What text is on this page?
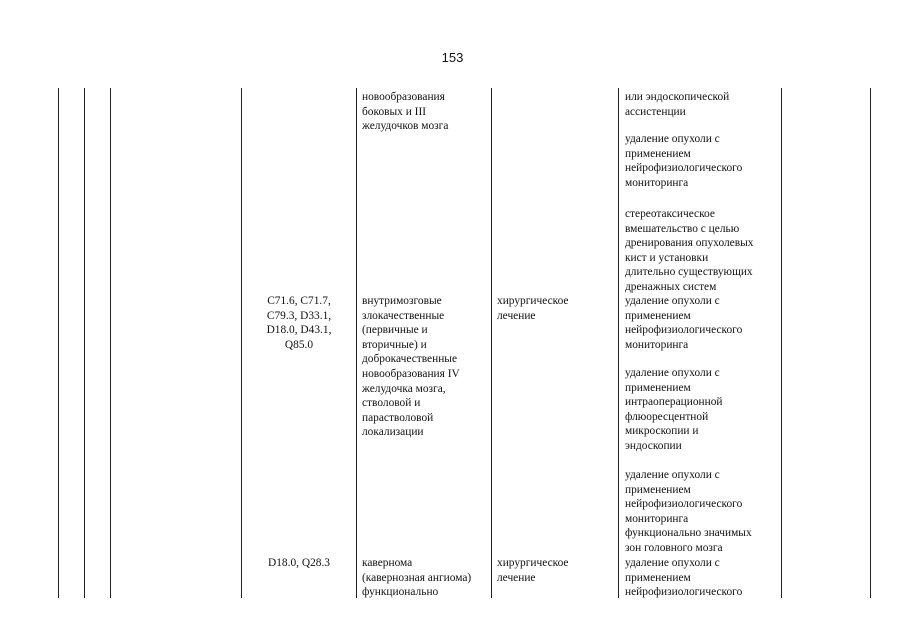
153
новообразования
боковых и III
желудочков мозга
или эндоскопической
ассистенции
удаление опухоли с
применением
нейрофизиологического
мониторинга
стереотаксическое
вмешательство с целью
дренирования опухолевых
кист и установки
длительно существующих
дренажных систем
C71.6, C71.7,
C79.3, D33.1,
D18.0, D43.1,
Q85.0
внутримозговые
злокачественные
(первичные и
вторичные) и
доброкачественные
новообразования IV
желудочка мозга,
стволовой и
парастволовой
локализации
хирургическое
лечение
удаление опухоли с
применением
нейрофизиологического
мониторинга
удаление опухоли с
применением
интраоперационной
флюоресцентной
микроскопии и
эндоскопии
удаление опухоли с
применением
нейрофизиологического
мониторинга
функционально значимых
зон головного мозга
D18.0, Q28.3	кавернома
(кавернозная ангиома)
функционально
хирургическое
лечение
удаление опухоли с
применением
нейрофизиологического
